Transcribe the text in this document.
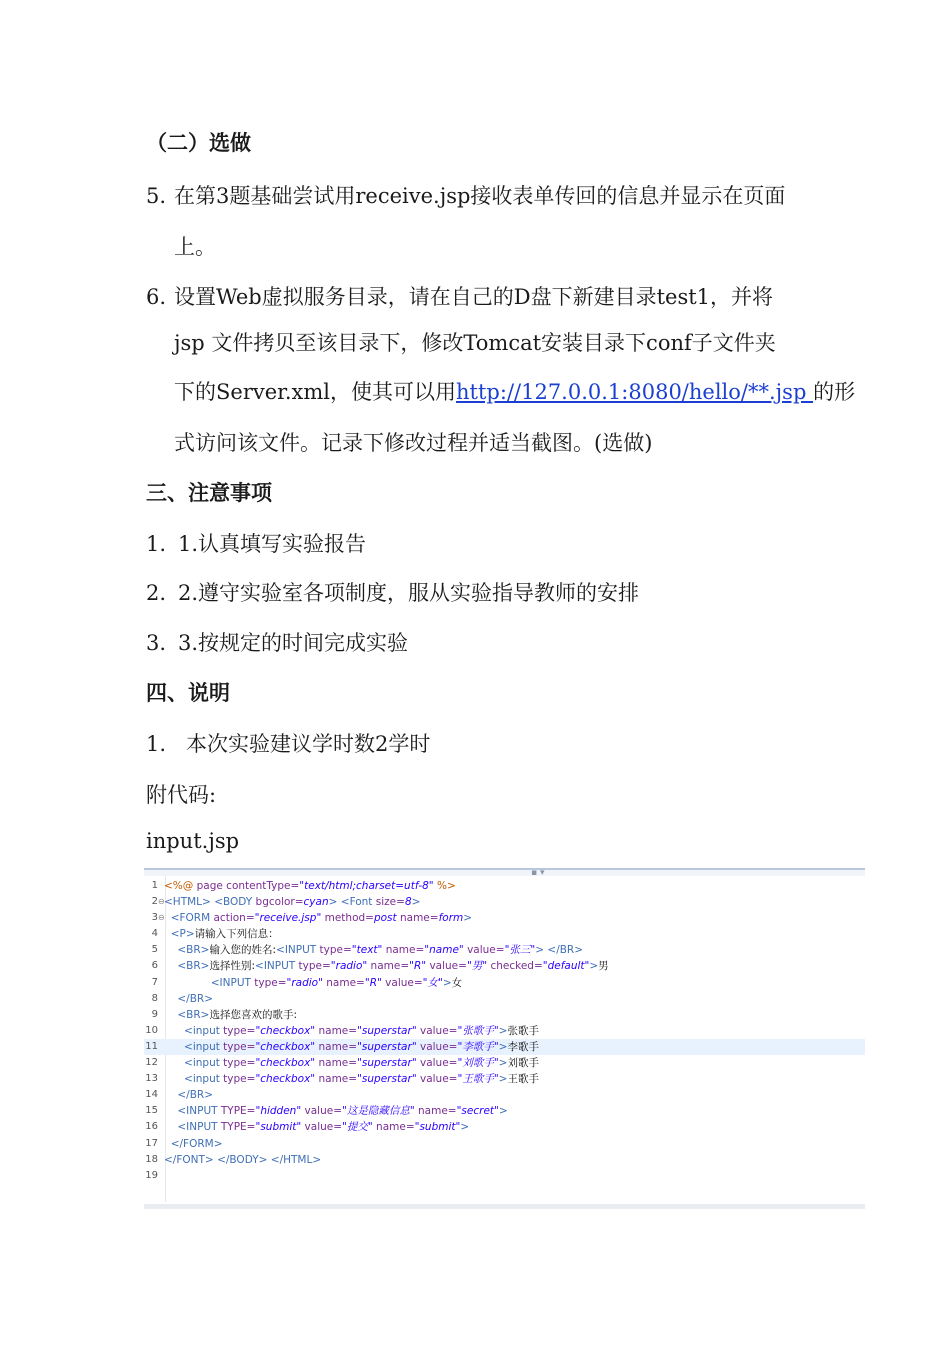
（二）选做
5. 在第3题基础尝试用receive.jsp接收表单传回的信息并显示在页面
上。
6. 设置Web虚拟服务目录，请在自己的D盘下新建目录test1，并将
jsp 文件拷贝至该目录下，修改Tomcat安装目录下conf子文件夹
下的Server.xml，使其可以用http://127.0.0.1:8080/hello/**.jsp 的形
式访问该文件。记录下修改过程并适当截图。(选做)
三、注意事项
1. 1.认真填写实验报告
2. 2.遵守实验室各项制度，服从实验指导教师的安排
3. 3.按规定的时间完成实验
四、说明
1. 本次实验建议学时数2学时
附代码:
input.jsp
▪ ▾
1 <%@ page contentType="text/html;charset=utf-8" %>
2 ⊖ <HTML> <BODY bgcolor=cyan> <Font size=8>
3 ⊖ <FORM action="receive.jsp" method=post name=form>
4	<P>请输入下列信息：
5	<BR>输入您的姓名:<INPUT type="text" name="name" value="张三"> </BR>
6	<BR>选择性别:<INPUT type="radio" name="R" value="男" checked="default">男
7	<INPUT type="radio" name="R" value="女">女
8	</BR>
9	<BR>选择您喜欢的歌手:
10	<input type="checkbox" name="superstar" value="张歌手">张歌手
11	<input type="checkbox" name="superstar" value="李歌手">李歌手
12	<input type="checkbox" name="superstar" value="刘歌手">刘歌手
13	<input type="checkbox" name="superstar" value="王歌手">王歌手
14	</BR>
15	<INPUT TYPE="hidden" value="这是隐藏信息" name="secret">
16	<INPUT TYPE="submit" value="提交" name="submit">
17	</FORM>
18 </FONT> </BODY> </HTML>
19
